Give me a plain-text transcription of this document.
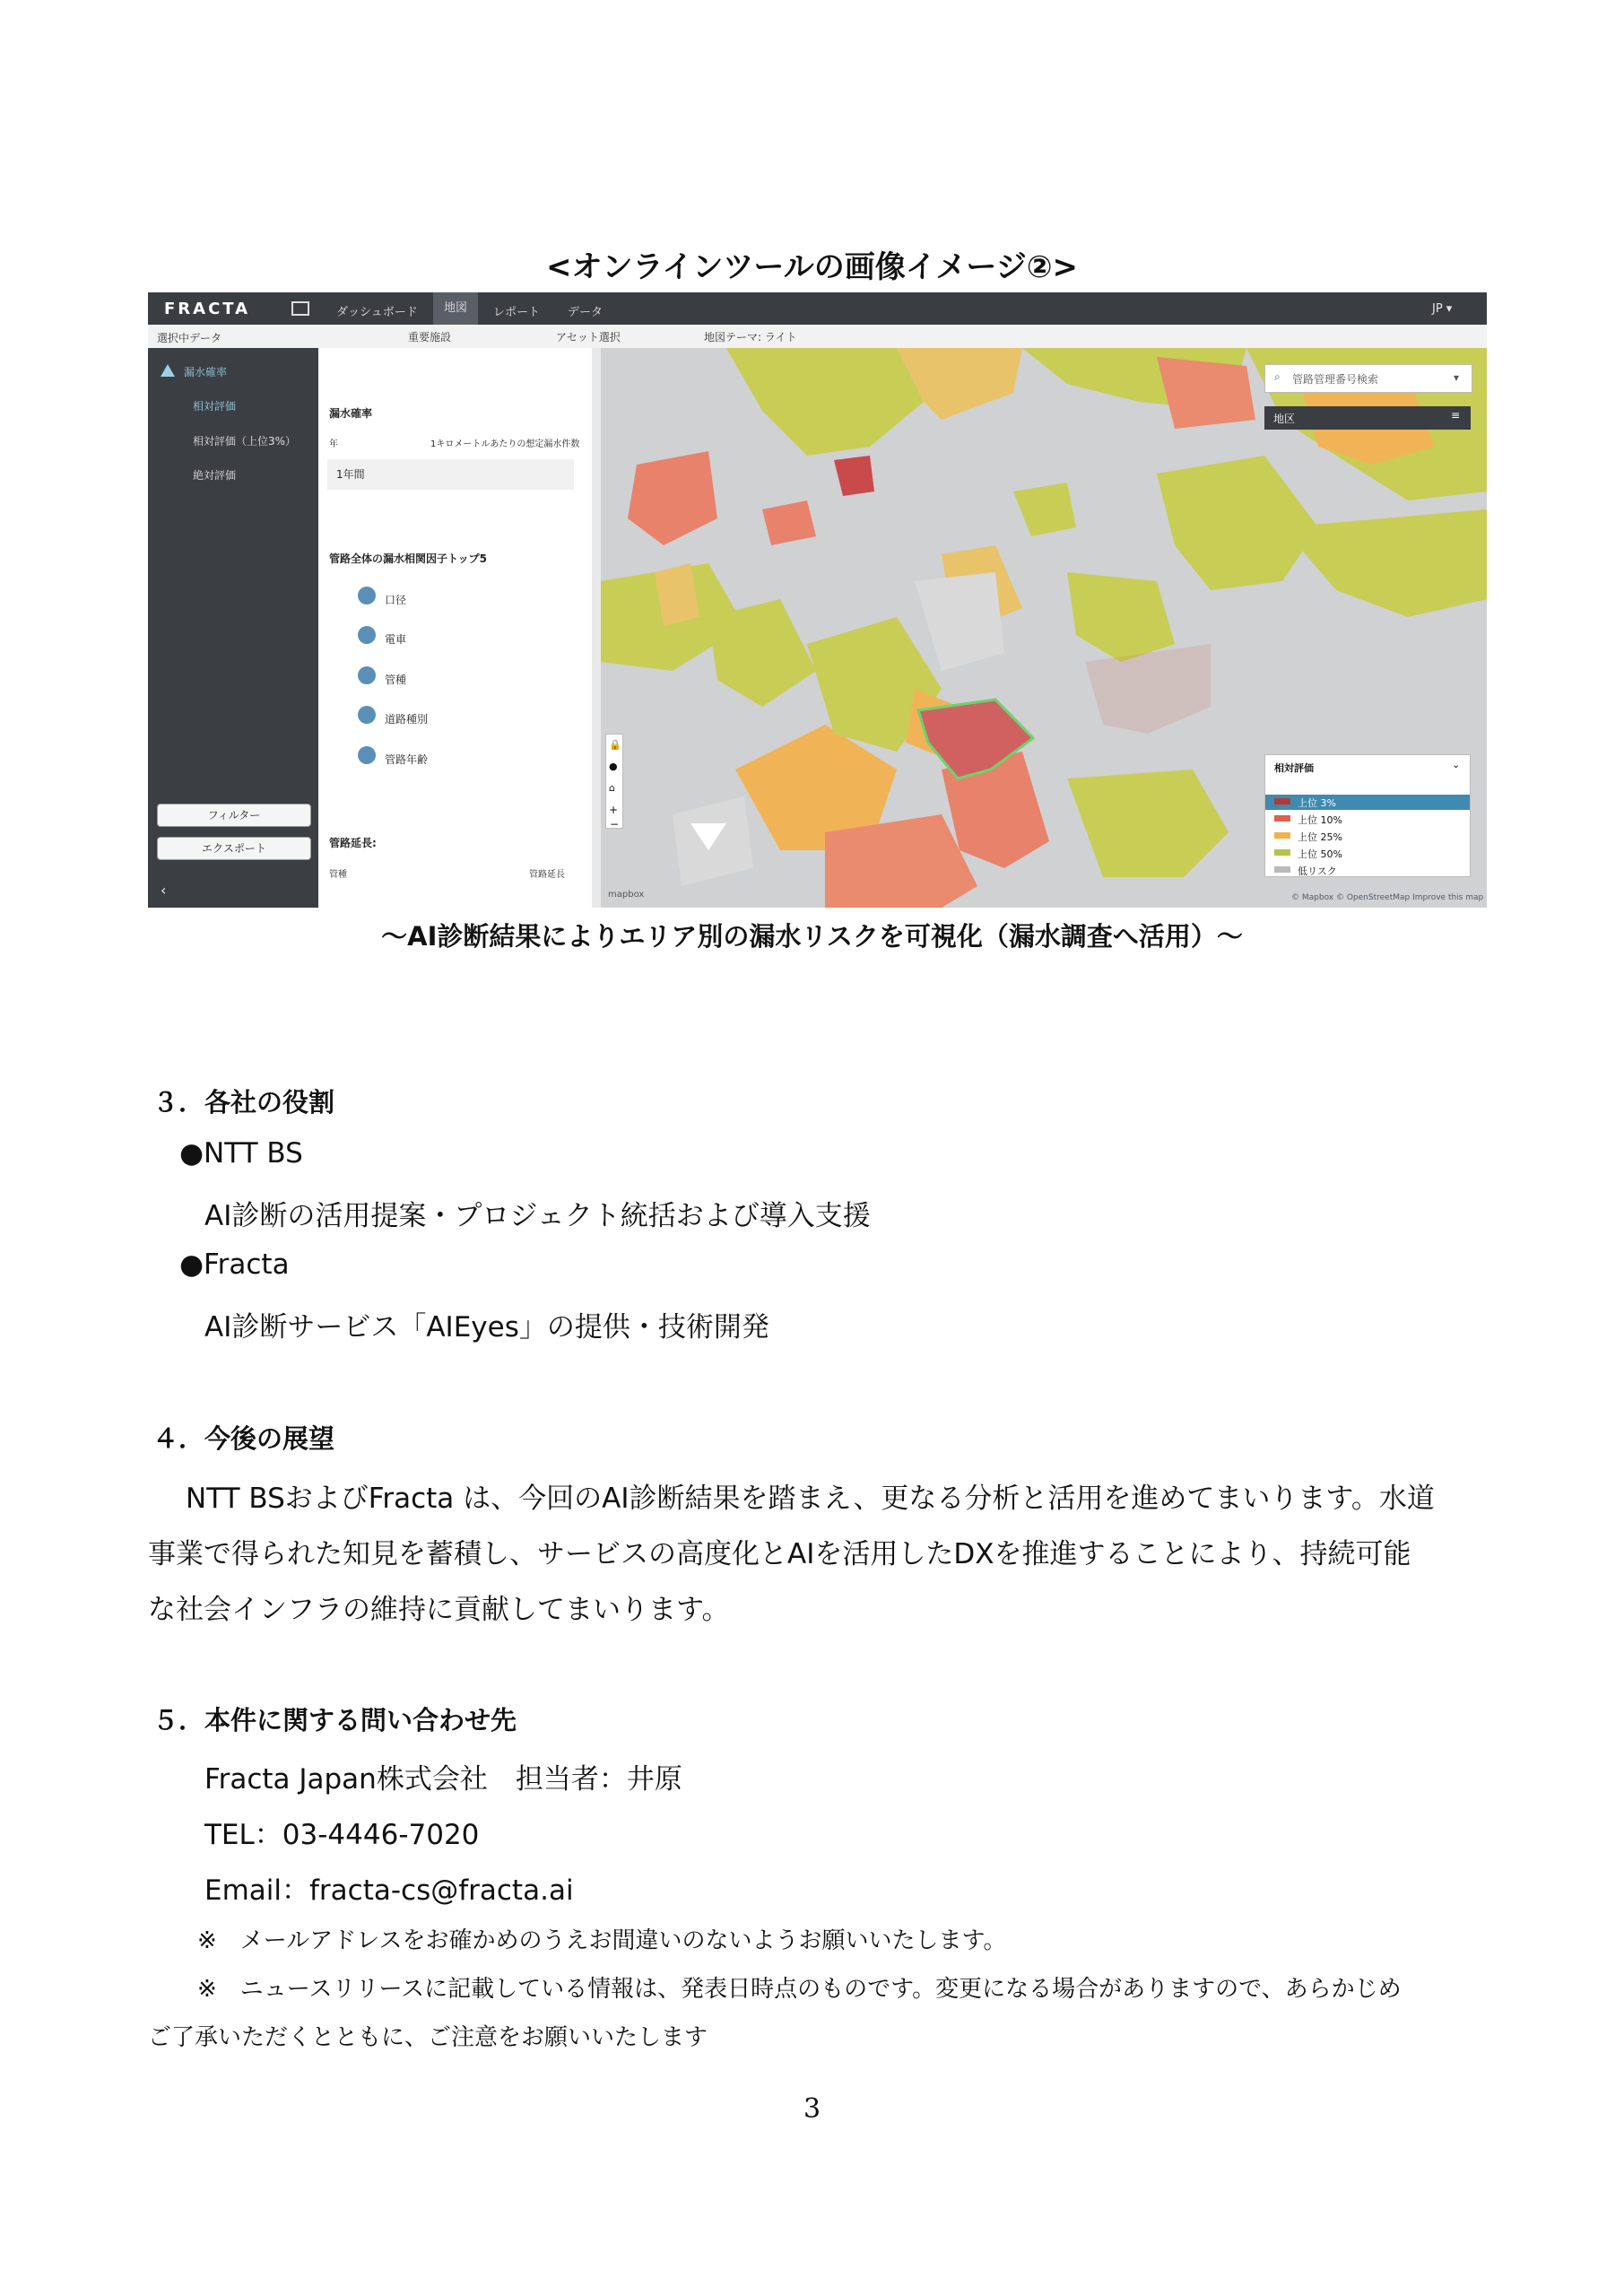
<オンラインツールの画像イメージ②>
FRACTA	ダッシュボード	地図	レポート データ	JP ▾
選択中データ	重要施設	アセット選択	地図テーマ: ライト
漏水確率
相対評価
相対評価（上位3%）
絶対評価
フィルター
エクスポート
‹
漏水確率
年	1キロメートルあたりの想定漏水件数
1年間
管路全体の漏水相関因子トップ5
口径
電車
管種
道路種別
管路年齢
管路延長:
管種	管路延長
🔒
●
⌂
+
−
mapbox	© Mapbox © OpenStreetMap Improve this map
⌕ 管路管理番号検索	▾
地区	≡
相対評価	⌄
上位 3%
上位 10%
上位 25%
上位 50%
低リスク
～AI診断結果によりエリア別の漏水リスクを可視化（漏水調査へ活用）～
３．各社の役割
●NTT BS
AI診断の活用提案・プロジェクト統括および導入支援
●Fracta
AI診断サービス「AIEyes」の提供・技術開発
４．今後の展望
NTT BSおよびFracta は、今回のAI診断結果を踏まえ、更なる分析と活用を進めてまいります。水道
事業で得られた知見を蓄積し、サービスの高度化とAIを活用したDXを推進することにより、持続可能
な社会インフラの維持に貢献してまいります。
５．本件に関する問い合わせ先
Fracta Japan株式会社　担当者：井原
TEL：03-4446-7020
Email：fracta-cs@fracta.ai
※　メールアドレスをお確かめのうえお間違いのないようお願いいたします。
※　ニュースリリースに記載している情報は、発表日時点のものです。変更になる場合がありますので、あらかじめ
ご了承いただくとともに、ご注意をお願いいたします
3
